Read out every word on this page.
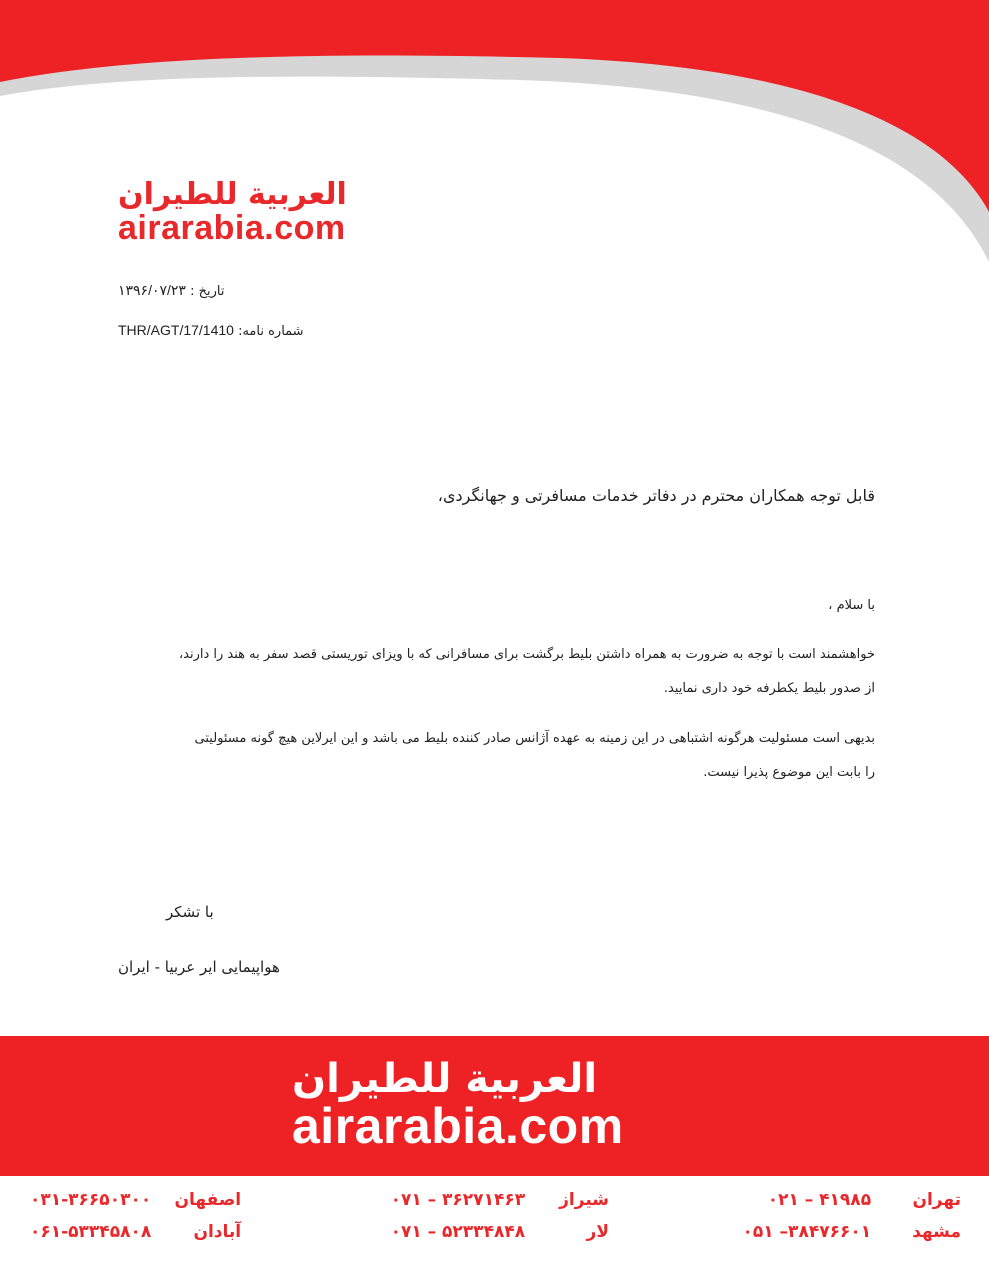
العربية للطيران
airarabia.com
تاریخ : ۱۳۹۶/۰۷/۲۳
شماره نامه: THR/AGT/17/1410
قابل توجه همکاران محترم در دفاتر خدمات مسافرتی و جهانگردی،
با سلام ،
خواهشمند است با توجه به ضرورت به همراه داشتن بلیط برگشت برای مسافرانی که با ویزای توریستی قصد سفر به هند را دارند،
از صدور بلیط یکطرفه خود داری نمایید.
بدیهی است مسئولیت هرگونه اشتباهی در این زمینه به عهده آژانس صادر کننده بلیط می باشد و این ایرلاین هیچ گونه مسئولیتی
را بابت این موضوع پذیرا نیست.
با تشکر
هواپیمایی ایر عربیا - ایران
العربية للطيران
airarabia.com
۰۲۱ – ۴۱۹۸۵ تهران
۰۵۱ –۳۸۴۷۶۶۰۱ مشهد
۰۷۱ – ۳۶۲۷۱۴۶۳ شیراز
۰۷۱ – ۵۲۳۳۴۸۴۸	لار
۰۳۱-۳۶۶۵۰۳۰۰ اصفهان
۰۶۱-۵۳۳۴۵۸۰۸ آبادان
